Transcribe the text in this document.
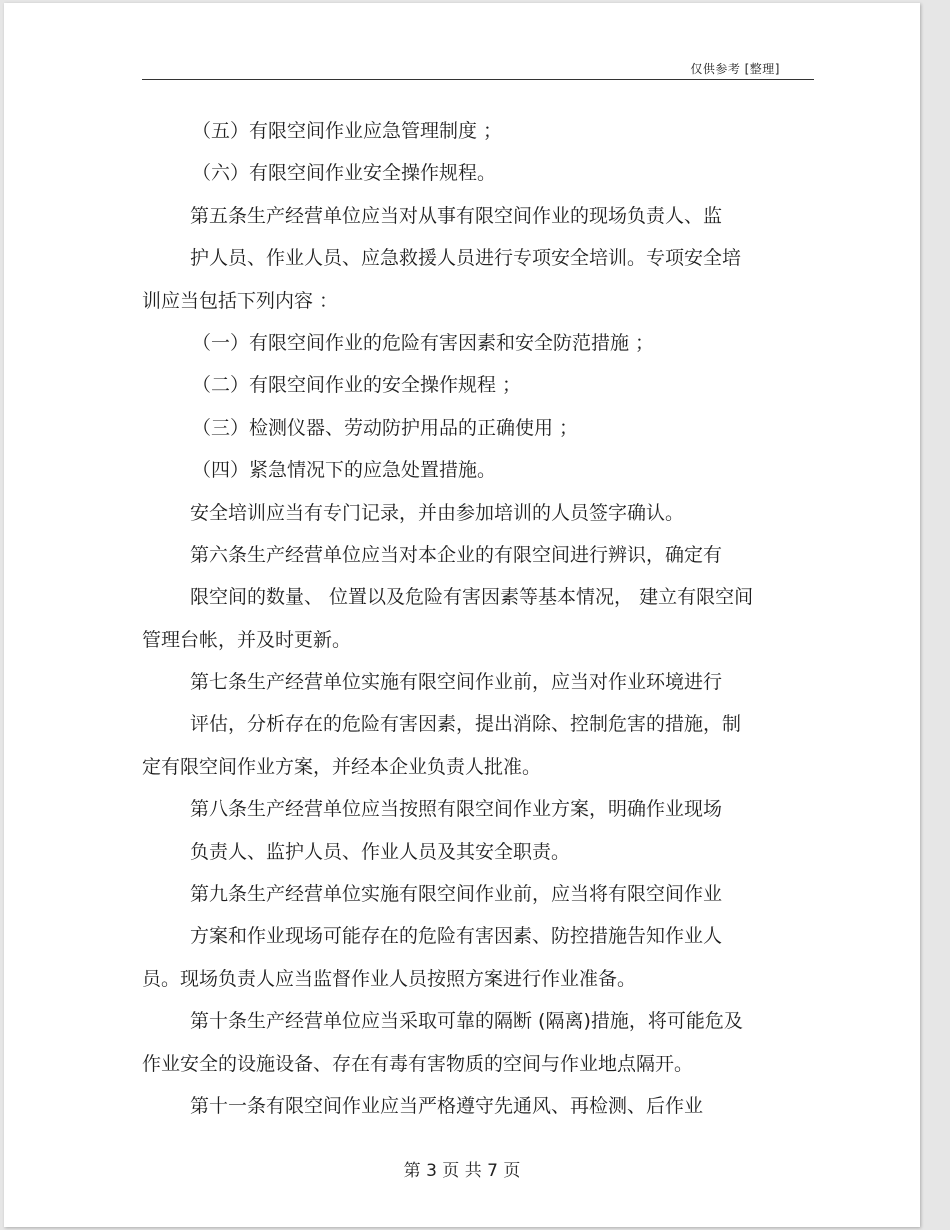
仅供参考 [整理]
（五）有限空间作业应急管理制度 ；
（六）有限空间作业安全操作规程。
第五条生产经营单位应当对从事有限空间作业的现场负责人、监
护人员、作业人员、应急救援人员进行专项安全培训。专项安全培
训应当包括下列内容 ：
（一）有限空间作业的危险有害因素和安全防范措施 ；
（二）有限空间作业的安全操作规程 ；
（三）检测仪器、劳动防护用品的正确使用 ；
（四）紧急情况下的应急处置措施。
安全培训应当有专门记录，并由参加培训的人员签字确认。
第六条生产经营单位应当对本企业的有限空间进行辨识，确定有
限空间的数量、 位置以及危险有害因素等基本情况， 建立有限空间
管理台帐，并及时更新。
第七条生产经营单位实施有限空间作业前，应当对作业环境进行
评估，分析存在的危险有害因素，提出消除、控制危害的措施，制
定有限空间作业方案，并经本企业负责人批准。
第八条生产经营单位应当按照有限空间作业方案，明确作业现场
负责人、监护人员、作业人员及其安全职责。
第九条生产经营单位实施有限空间作业前，应当将有限空间作业
方案和作业现场可能存在的危险有害因素、防控措施告知作业人
员。现场负责人应当监督作业人员按照方案进行作业准备。
第十条生产经营单位应当采取可靠的隔断 (隔离)措施，将可能危及
作业安全的设施设备、存在有毒有害物质的空间与作业地点隔开。
第十一条有限空间作业应当严格遵守先通风、再检测、后作业
第 3 页 共 7 页
